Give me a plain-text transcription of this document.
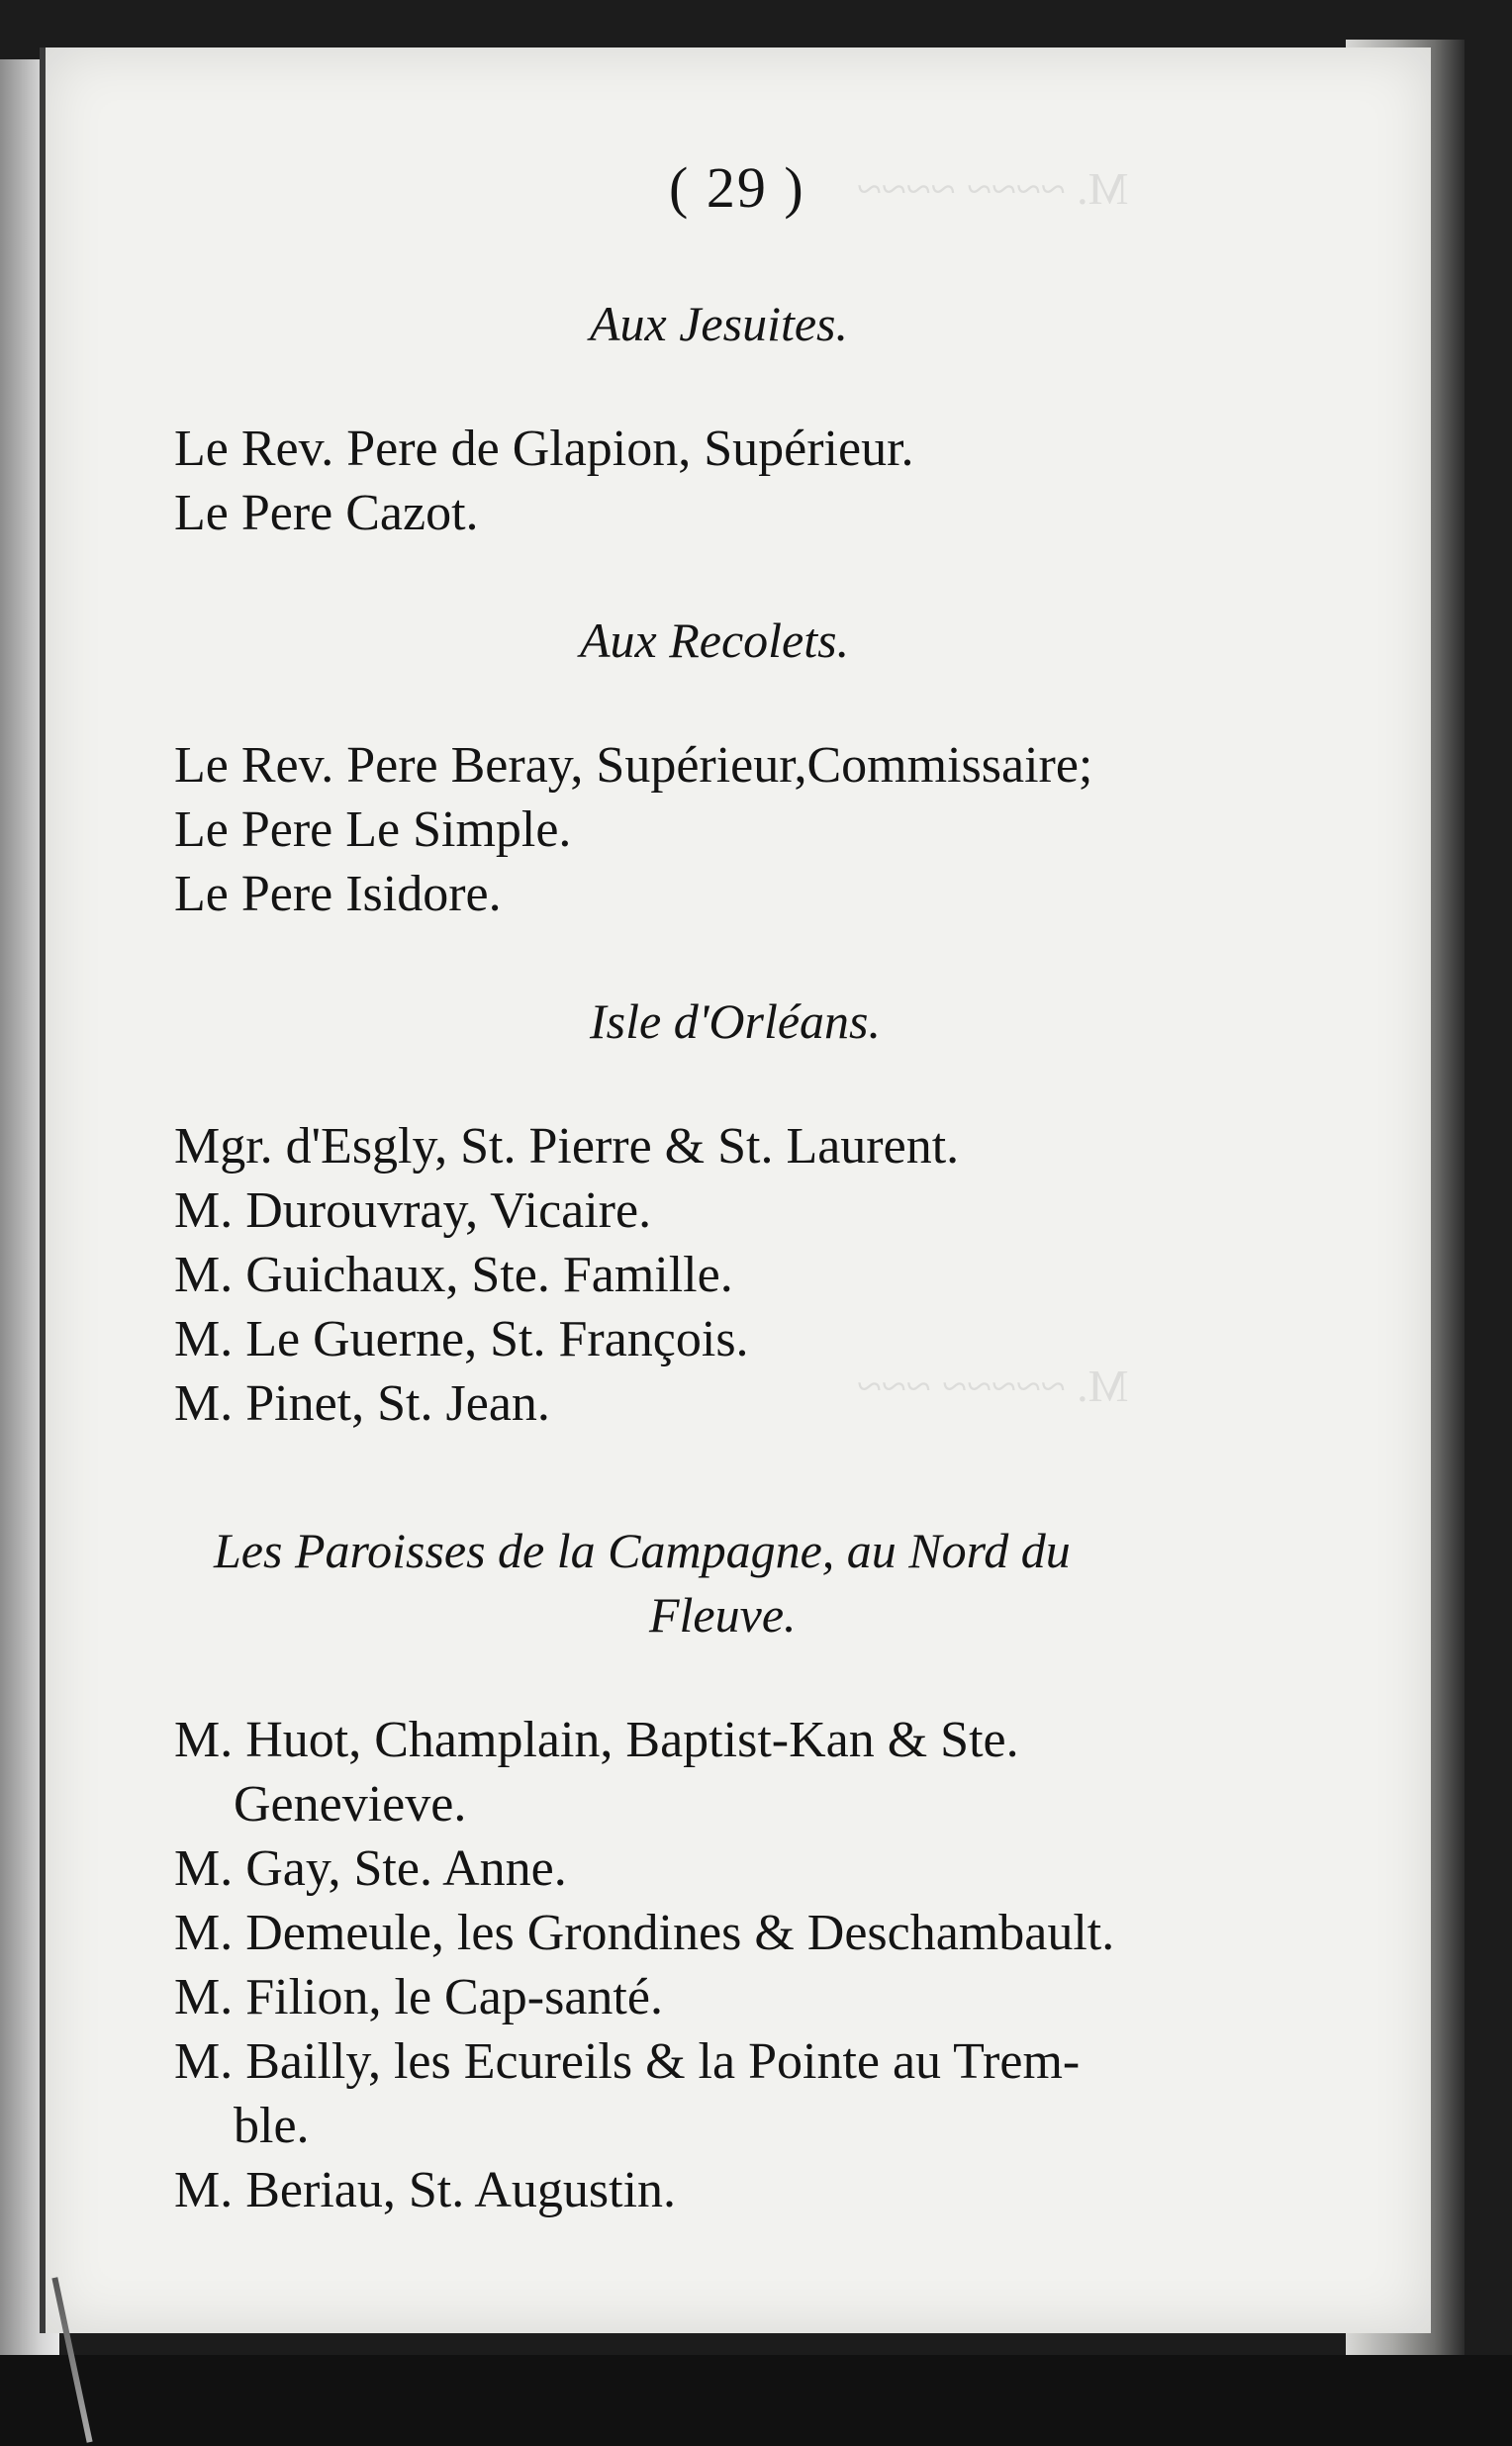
M. ~~~~ ~~~~
M. ~~~~~ ~~~
( 29 )
Aux Jesuites.
Le Rev. Pere de Glapion, Supérieur.
Le Pere Cazot.
Aux Recolets.
Le Rev. Pere Beray, Supérieur,Commissaire;
Le Pere Le Simple.
Le Pere Isidore.
Isle d'Orléans.
Mgr. d'Esgly, St. Pierre & St. Laurent.
M. Durouvray, Vicaire.
M. Guichaux, Ste. Famille.
M. Le Guerne, St. François.
M. Pinet, St. Jean.
Les Paroisses de la Campagne, au Nord du
Fleuve.
M. Huot, Champlain, Baptist-Kan & Ste.
Genevieve.
M. Gay, Ste. Anne.
M. Demeule, les Grondines & Deschambault.
M. Filion, le Cap-santé.
M. Bailly, les Ecureils & la Pointe au Trem-
ble.
M. Beriau, St. Augustin.
